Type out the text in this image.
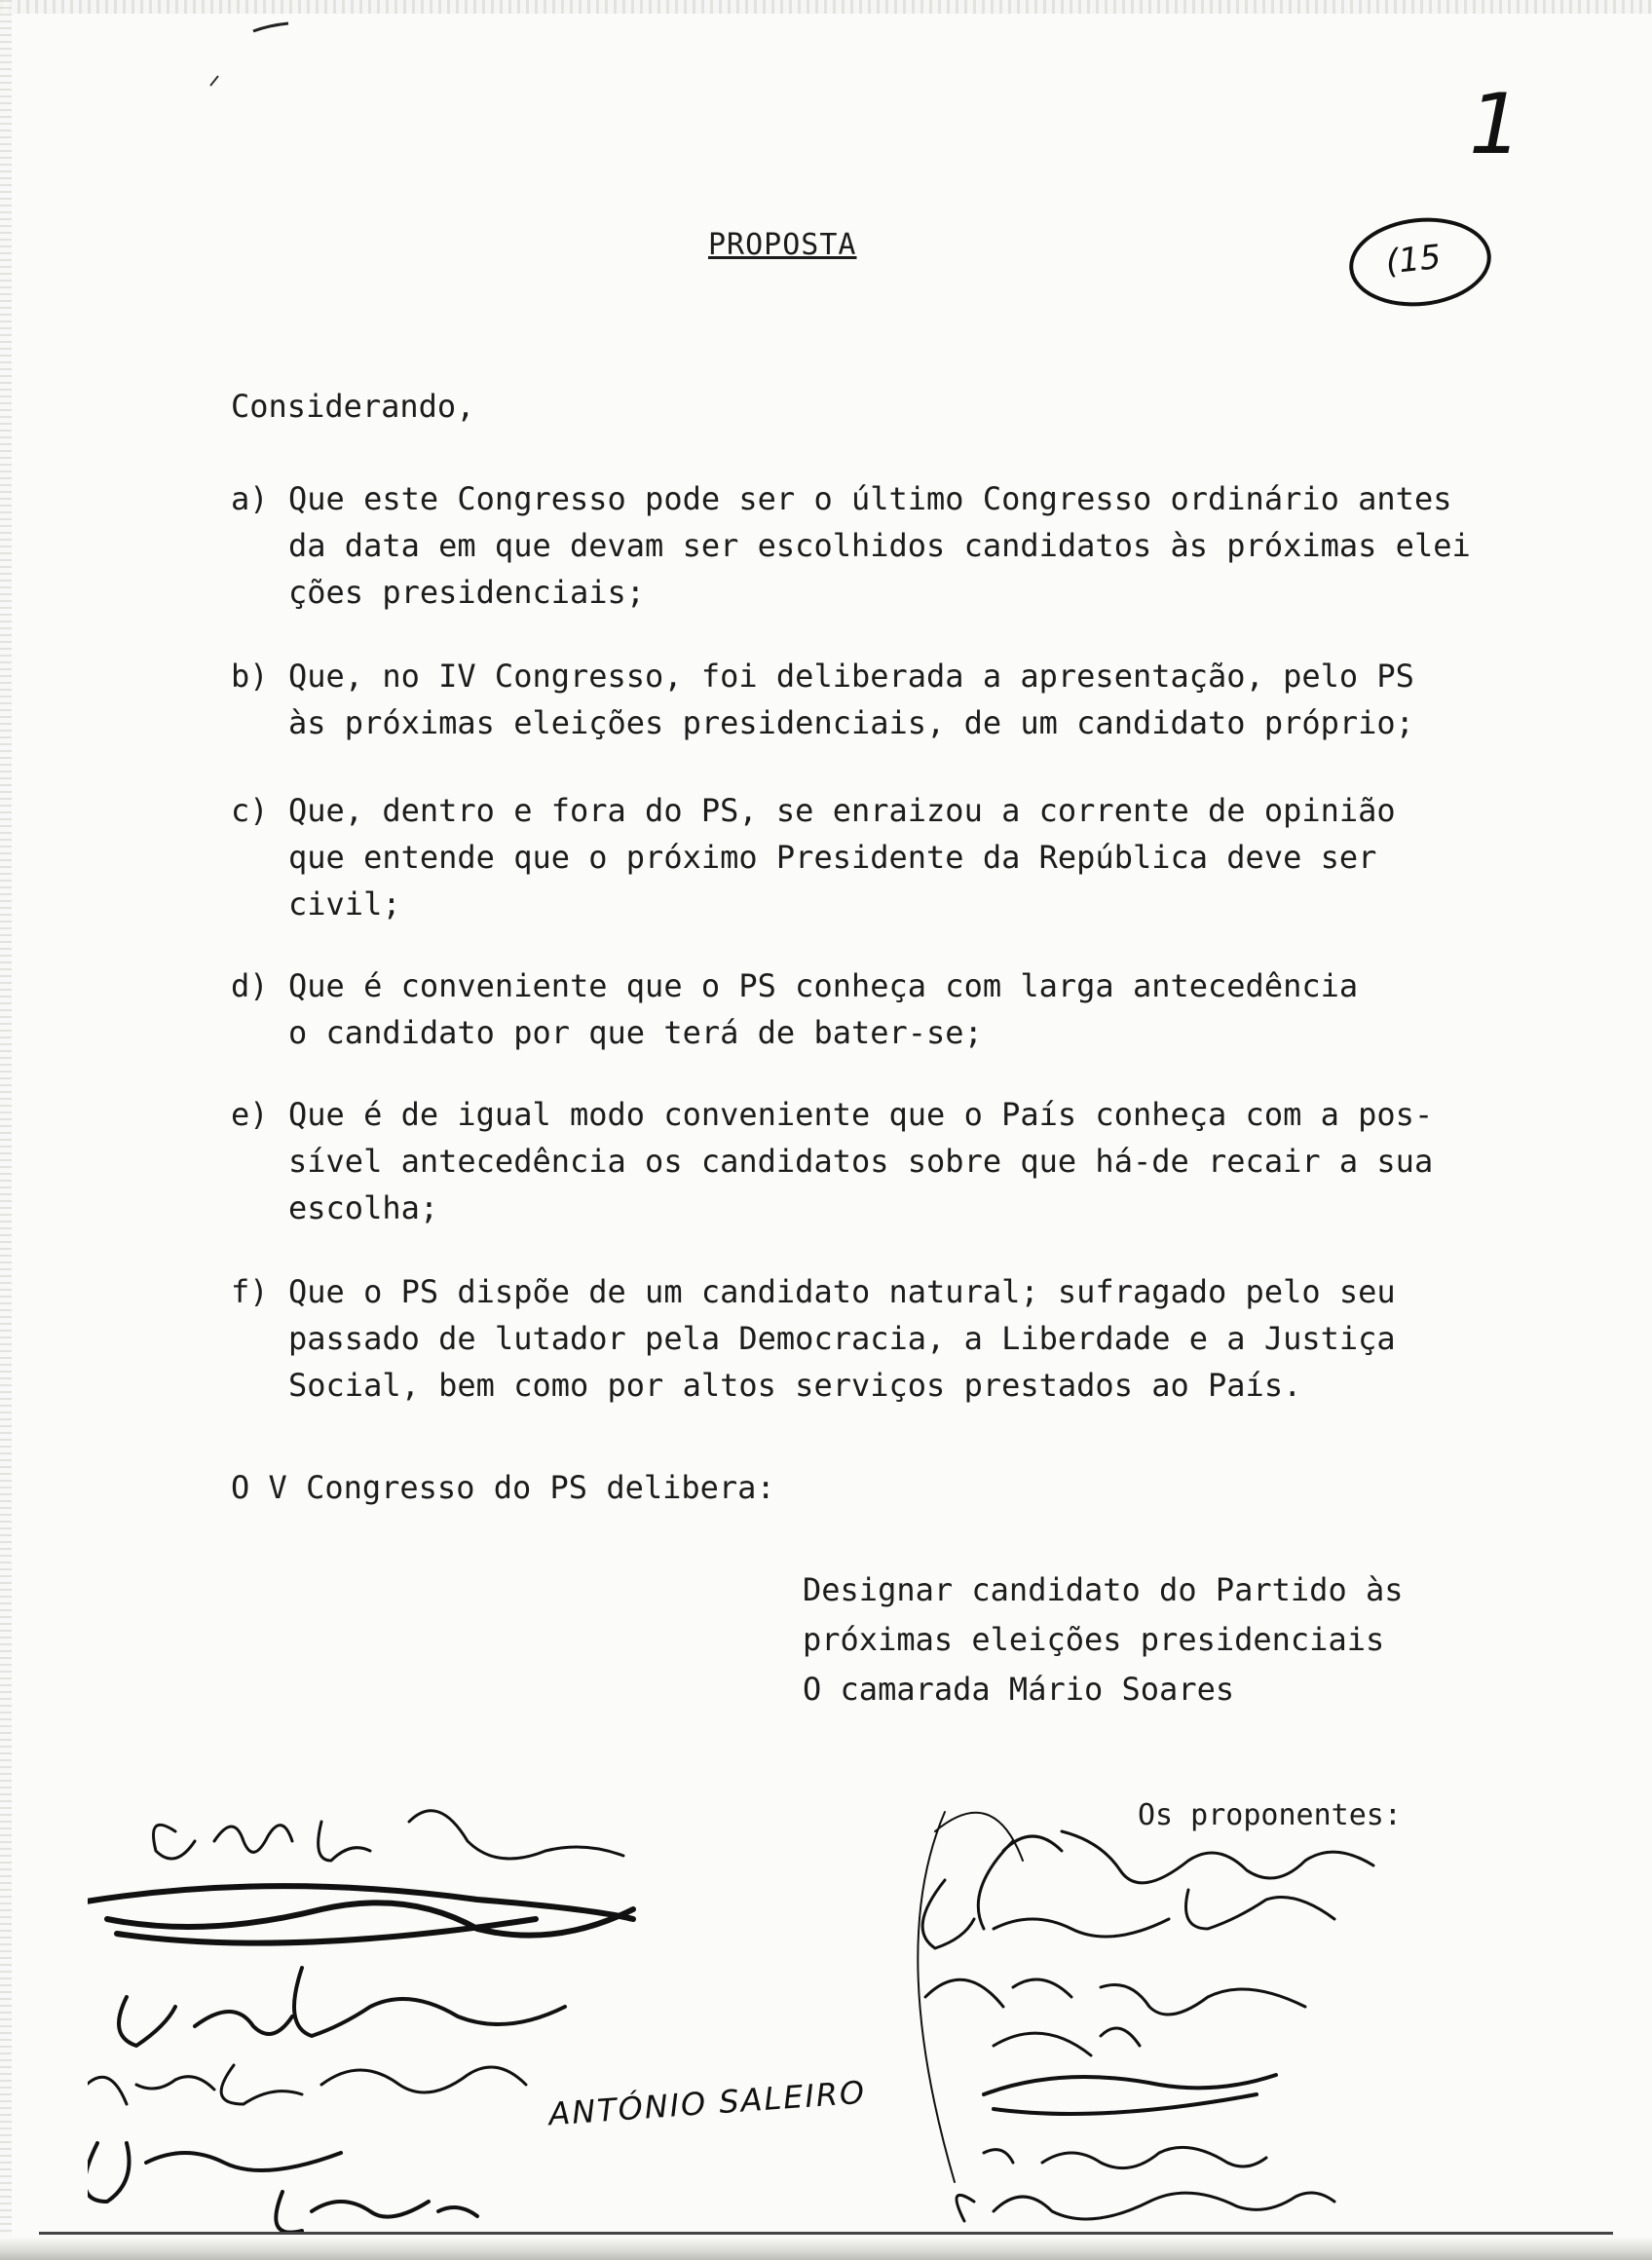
1
(15
PROPOSTA
Considerando,
a) Que este Congresso pode ser o último Congresso ordinário antes
da data em que devam ser escolhidos candidatos às próximas elei
ções presidenciais;
b) Que, no IV Congresso, foi deliberada a apresentação, pelo PS
às próximas eleições presidenciais, de um candidato próprio;
c) Que, dentro e fora do PS, se enraizou a corrente de opinião
que entende que o próximo Presidente da República deve ser
civil;
d) Que é conveniente que o PS conheça com larga antecedência
o candidato por que terá de bater-se;
e) Que é de igual modo conveniente que o País conheça com a pos-
sível antecedência os candidatos sobre que há-de recair a sua
escolha;
f) Que o PS dispõe de um candidato natural; sufragado pelo seu
passado de lutador pela Democracia, a Liberdade e a Justiça
Social, bem como por altos serviços prestados ao País.
O V Congresso do PS delibera:
Designar candidato do Partido às
próximas eleições presidenciais
O camarada Mário Soares
Os proponentes:
ANTÓNIO SALEIRO
